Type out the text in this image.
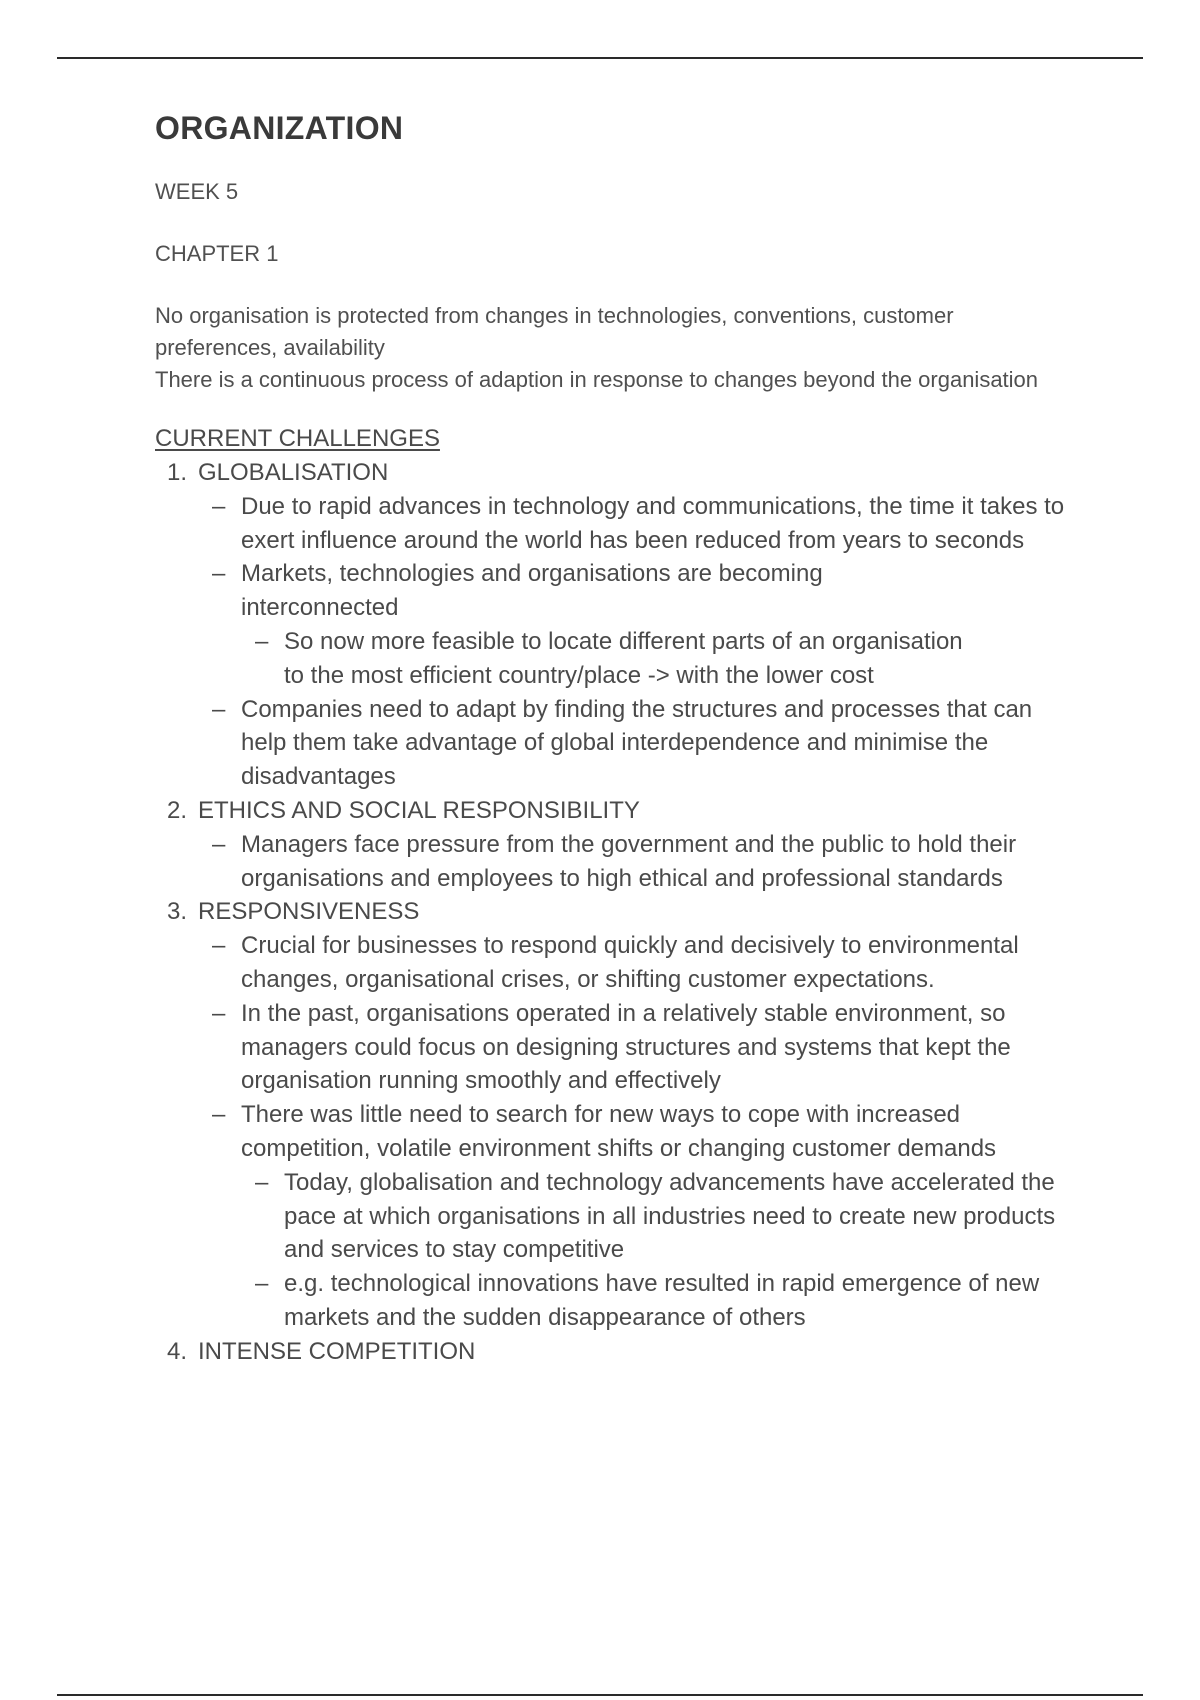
ORGANIZATION
WEEK 5
CHAPTER 1

No organisation is protected from changes in technologies, conventions, customer preferences, availability

There is a continuous process of adaption in response to changes beyond the organisation

CURRENT CHALLENGES
1. GLOBALISATION
– Due to rapid advances in technology and communications, the time it takes to exert influence around the world has been reduced from years to seconds
– Markets, technologies and organisations are becoming interconnected
– So now more feasible to locate different parts of an organisation to the most efficient country/place -> with the lower cost
– Companies need to adapt by finding the structures and processes that can help them take advantage of global interdependence and minimise the disadvantages
2. ETHICS AND SOCIAL RESPONSIBILITY
– Managers face pressure from the government and the public to hold their organisations and employees to high ethical and professional standards
3. RESPONSIVENESS
– Crucial for businesses to respond quickly and decisively to environmental changes, organisational crises, or shifting customer expectations.
– In the past, organisations operated in a relatively stable environment, so managers could focus on designing structures and systems that kept the organisation running smoothly and effectively
– There was little need to search for new ways to cope with increased competition, volatile environment shifts or changing customer demands
– Today, globalisation and technology advancements have accelerated the pace at which organisations in all industries need to create new products and services to stay competitive
– e.g. technological innovations have resulted in rapid emergence of new markets and the sudden disappearance of others
4. INTENSE COMPETITION
